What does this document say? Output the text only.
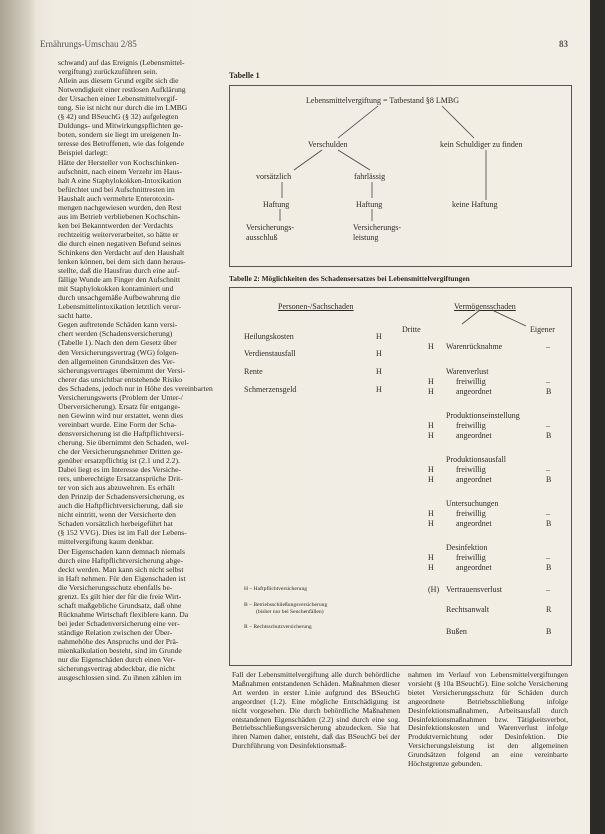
Ernährungs-Umschau 2/85	83

schwand) auf das Ereignis (Lebensmittel-

vergiftung) zurückzuführen sein.

Allein aus diesem Grund ergibt sich die

Notwendigkeit einer restlosen Aufklärung

der Ursachen einer Lebensmittelvergif-

tung. Sie ist nicht nur durch die im LMBG

(§ 42) und BSeuchG (§ 32) aufgelegten

Duldungs- und Mitwirkungspflichten ge-

boten, sondern sie liegt im ureigenen In-

teresse des Betroffenen, wie das folgende

Beispiel darlegt:

Hätte der Hersteller von Kochschinken-

aufschnitt, nach einem Verzehr im Haus-

halt A eine Staphylokokken-Intoxikation

befürchtet und bei Aufschnittresten im

Haushalt auch vermehrte Enterotoxin-

mengen nachgewiesen wurden, den Rest

aus im Betrieb verbliebenen Kochschin-

ken bei Bekanntwerden der Verdachts

rechtzeitig weiterverarbeitet, so hätte er

die durch einen negativen Befund seines

Schinkens den Verdacht auf den Haushalt

lenken können, bei dem sich dann heraus-

stellte, daß die Hausfrau durch eine auf-

fällige Wunde am Finger den Aufschnitt

mit Staphylokokken kontaminiert und

durch unsachgemäße Aufbewahrung die

Lebensmittelintoxikation letztlich verur-

sacht hatte.

Gegen auftretende Schäden kann versi-

chert werden (Schadensversicherung)

(Tabelle 1). Nach den dem Gesetz über

den Versicherungsvertrag (WG) folgen-

den allgemeinen Grundsätzen des Ver-

sicherungsvertrages übernimmt der Versi-

cherer das unsichtbar entstehende Risiko

des Schadens, jedoch nur in Höhe des vereinbarten

Versicherungswerts (Problem der Unter-/

Überversicherung). Ersatz für entgange-

nen Gewinn wird nur erstattet, wenn dies

vereinbart wurde. Eine Form der Scha-

densversicherung ist die Haftpflichtversi-

cherung. Sie übernimmt den Schaden, wel-

che der Versicherungsnehmer Dritten ge-

genüber ersatzpflichtig ist (2.1 und 2.2).

Dabei liegt es im Interesse des Versiche-

rers, unberechtigte Ersatzansprüche Drit-

ter von sich aus abzuwehren. Es erhält

den Prinzip der Schadensversicherung, es

auch die Haftpflichtversicherung, daß sie

nicht eintritt, wenn der Versicherte den

Schaden vorsätzlich herbeigeführt hat

(§ 152 VVG). Dies ist im Fall der Lebens-

mittelvergiftung kaum denkbar.

Der Eigenschaden kann demnach niemals

durch eine Haftpflichtversicherung abge-

deckt werden. Man kann sich nicht selbst

in Haft nehmen. Für den Eigenschaden ist

die Versicherungsschutz ebenfalls be-

grenzt. Es gilt hier der für die freie Wirt-

schaft maßgebliche Grundsatz, daß ohne

Rücknahme Wirtschaft flexiblere kann. Da

bei jeder Schadenversicherung eine ver-

ständige Relation zwischen der Über-

nahmehöhe des Anspruchs und der Prä-

mienkalkulation besteht, sind im Grunde

nur die Eigenschäden durch einen Ver-

sicherungsvertrag abdeckbar, die nicht

ausgeschlossen sind. Zu ihnen zählen im

Tabelle 1
Lebensmittelvergiftung = Tatbestand §8 LMBG
Verschulden	kein Schuldiger zu finden
vorsätzlich	fahrlässig
Haftung	Haftung	keine Haftung
Versicherungs-
ausschluß
Versicherungs-
leistung
Tabelle 2: Möglichkeiten des Schadensersatzes bei Lebensmittelvergiftungen
Personen-/Sachschaden	Vermögensschaden
Heilungskosten	H
Verdienstausfall	H
Rente	H
Schmerzensgeld	H
Dritte	Eigener
H Warenrücknahme	–
Warenverlust
H	freiwillig	–
H	angeordnet	B
Produktionseinstellung
H	freiwillig	–
H	angeordnet	B
Produktionsausfall
H	freiwillig	–
H	angeordnet	B
Untersuchungen
H	freiwillig	–
H	angeordnet	B
Desinfektion
H	freiwillig	–
H	angeordnet	B
(H) Vertrauensverlust	–
Rechtsanwalt	R
Bußen	B
H – Haftpflichtversicherung
B – Betriebsschließungsversicherung
(bisher nur bei Seuchenfällen)
R – Rechtsschutzversicherung

Fall der Lebensmittelvergiftung alle durch behördliche Maßnahmen entstandenen Schäden. Maßnahmen dieser Art werden in erster Linie aufgrund des BSeuchG angeordnet (1.2). Eine mögliche Entschädigung ist nicht vorgesehen. Die durch behördliche Maßnahmen entstandenen Eigenschäden (2.2) sind durch eine sog. Betriebsschließungsversicherung abzudecken. Sie hat ihren Namen daher, entsteht, daß das BSeuchG bei der Durchführung von Desinfektionsmaß-

nahmen im Verlauf von Lebensmittelvergiftungen vorsieht (§ 10a BSeuchG). Eine solche Versicherung bietet Versicherungsschutz für Schäden durch angeordnete Betriebsschließung infolge Desinfektionsmaßnahmen, Arbeitsausfall durch Desinfektionsmaßnahmen bzw. Tätigkeitsverbot, Desinfektionskosten und Warenverlust infolge Produktvernichtung oder Desinfektion. Die Versicherungsleistung ist den allgemeinen Grundsätzen folgend an eine vereinbarte Höchstgrenze gebunden.
